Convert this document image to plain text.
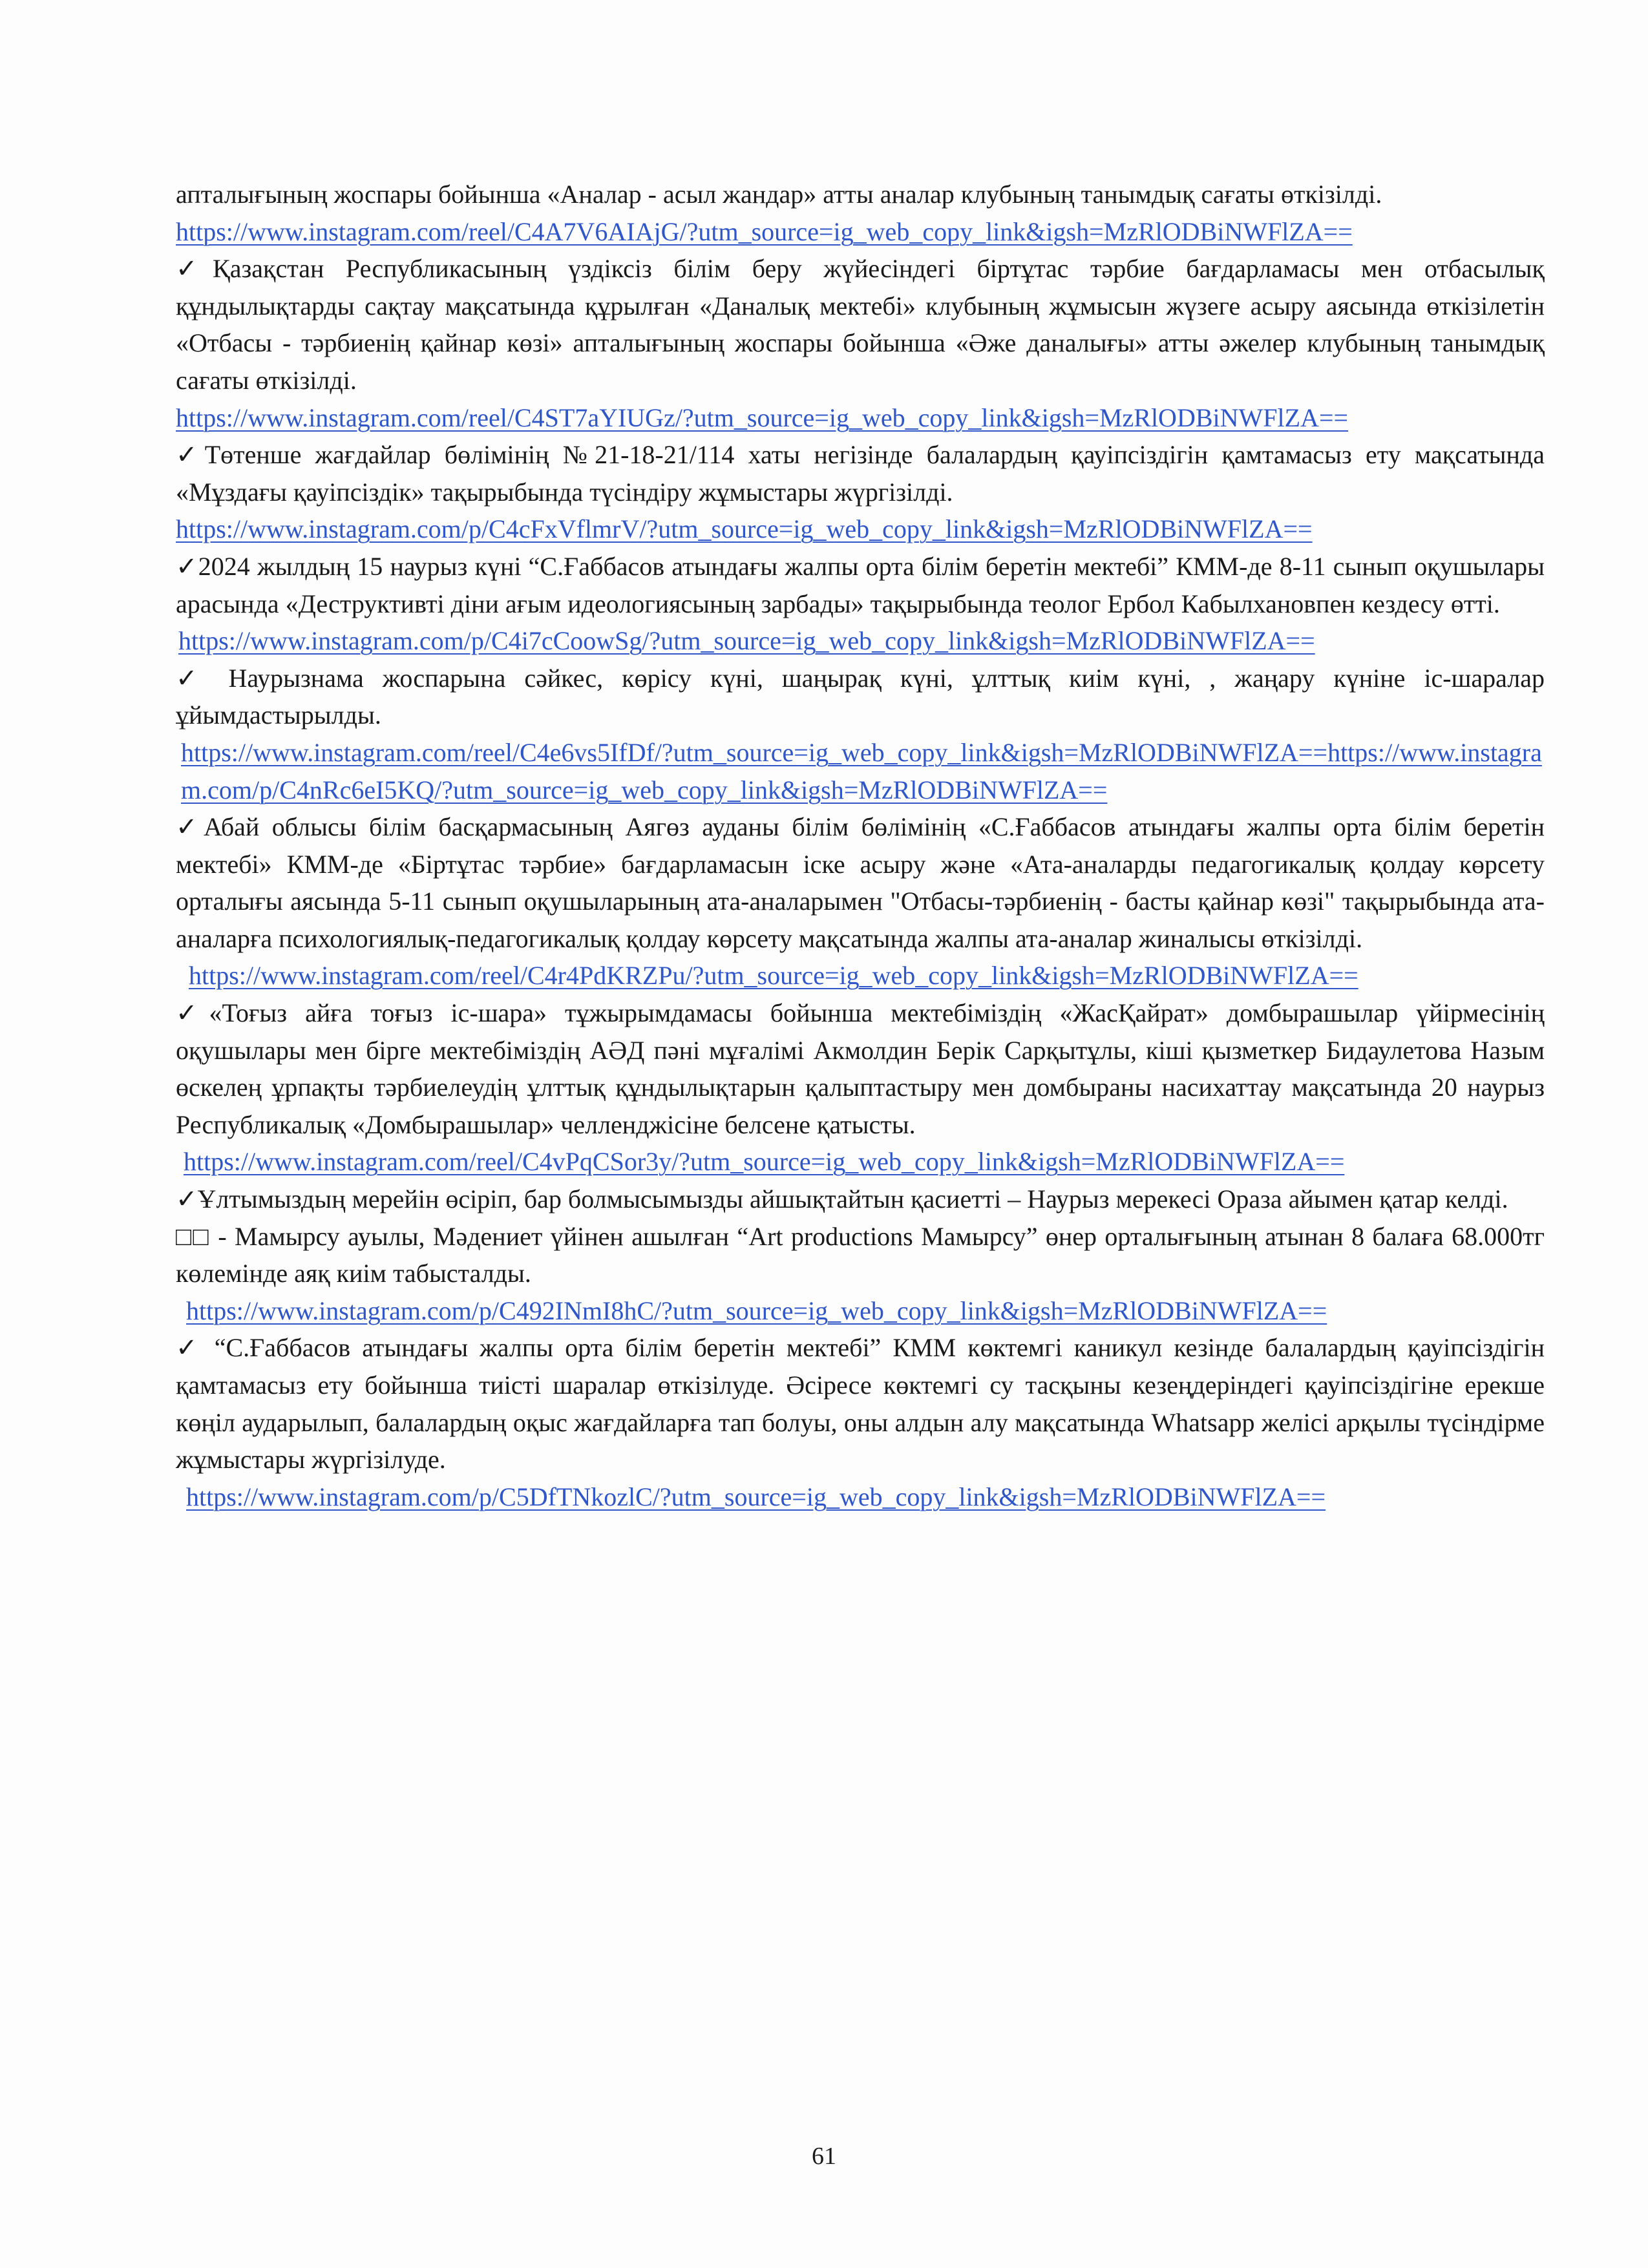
апталығының жоспары бойынша «Аналар - асыл жандар» атты аналар клубының танымдық сағаты өткізілді.

https://www.instagram.com/reel/C4A7V6AIAjG/?utm_source=ig_web_copy_link&igsh=MzRlODBiNWFlZA==

✓Қазақстан Республикасының үздіксіз білім беру жүйесіндегі біртұтас тәрбие бағдарламасы мен отбасылық құндылықтарды сақтау мақсатында құрылған «Даналық мектебі» клубының жұмысын жүзеге асыру аясында өткізілетін «Отбасы - тәрбиенің қайнар көзі» апталығының жоспары бойынша «Әже даналығы» атты әжелер клубының танымдық сағаты өткізілді.

https://www.instagram.com/reel/C4ST7aYIUGz/?utm_source=ig_web_copy_link&igsh=MzRlODBiNWFlZA==

✓Төтенше жағдайлар бөлімінің №21-18-21/114 хаты негізінде балалардың қауіпсіздігін қамтамасыз ету мақсатында «Мұздағы қауіпсіздік» тақырыбында түсіндіру жұмыстары жүргізілді.

https://www.instagram.com/p/C4cFxVflmrV/?utm_source=ig_web_copy_link&igsh=MzRlODBiNWFlZA==

✓2024 жылдың 15 наурыз күні “С.Ғаббасов атындағы жалпы орта білім беретін мектебі” КММ-де 8-11 сынып оқушылары арасында «Деструктивті діни ағым идеологиясының зарбады» тақырыбында теолог Ербол Кабылхановпен кездесу өтті.

https://www.instagram.com/p/C4i7cCoowSg/?utm_source=ig_web_copy_link&igsh=MzRlODBiNWFlZA==

✓ Наурызнама жоспарына сәйкес, көрісу күні, шаңырақ күні, ұлттық киім күні, , жаңару күніне іс-шаралар ұйымдастырылды.

https://www.instagram.com/reel/C4e6vs5IfDf/?utm_source=ig_web_copy_link&igsh=MzRlODBiNWFlZA==https://www.instagram.com/p/C4nRc6eI5KQ/?utm_source=ig_web_copy_link&igsh=MzRlODBiNWFlZA==

✓Абай облысы білім басқармасының Аягөз ауданы білім бөлімінің «С.Ғаббасов атындағы жалпы орта білім беретін мектебі» КММ-де «Біртұтас тәрбие» бағдарламасын іске асыру және «Ата-аналарды педагогикалық қолдау көрсету орталығы аясында 5-11 сынып оқушыларының ата-аналарымен "Отбасы-тәрбиенің - басты қайнар көзі" тақырыбында ата-аналарға психологиялық-педагогикалық қолдау көрсету мақсатында жалпы ата-аналар жиналысы өткізілді.

https://www.instagram.com/reel/C4r4PdKRZPu/?utm_source=ig_web_copy_link&igsh=MzRlODBiNWFlZA==

✓«Тоғыз айға тоғыз іс-шара» тұжырымдамасы бойынша мектебіміздің «ЖасҚайрат» домбырашылар үйірмесінің оқушылары мен бірге мектебіміздің АӘД пәні мұғалімі Акмолдин Берік Сарқытұлы, кіші қызметкер Бидаулетова Назым өскелең ұрпақты тәрбиелеудің ұлттық құндылықтарын қалыптастыру мен домбыраны насихаттау мақсатында 20 наурыз Республикалық «Домбырашылар» челленджісіне белсене қатысты.

https://www.instagram.com/reel/C4vPqCSor3y/?utm_source=ig_web_copy_link&igsh=MzRlODBiNWFlZA==

✓Ұлтымыздың мерейін өсіріп, бар болмысымызды айшықтайтын қасиетті – Наурыз мерекесі Ораза айымен қатар келді.

□□ - Мамырсу ауылы, Мәдениет үйінен ашылған “Art productions Мамырсу” өнер орталығының атынан 8 балаға 68.000тг көлемінде аяқ киім табысталды.

https://www.instagram.com/p/C492INmI8hC/?utm_source=ig_web_copy_link&igsh=MzRlODBiNWFlZA==

✓ “С.Ғаббасов атындағы жалпы орта білім беретін мектебі” КММ көктемгі каникул кезінде балалардың қауіпсіздігін қамтамасыз ету бойынша тиісті шаралар өткізілуде. Әсіресе көктемгі су тасқыны кезеңдеріндегі қауіпсіздігіне ерекше көңіл аударылып, балалардың оқыс жағдайларға тап болуы, оны алдын алу мақсатында Whatsapp желісі арқылы түсіндірме жұмыстары жүргізілуде.

https://www.instagram.com/p/C5DfTNkozlC/?utm_source=ig_web_copy_link&igsh=MzRlODBiNWFlZA==
61
